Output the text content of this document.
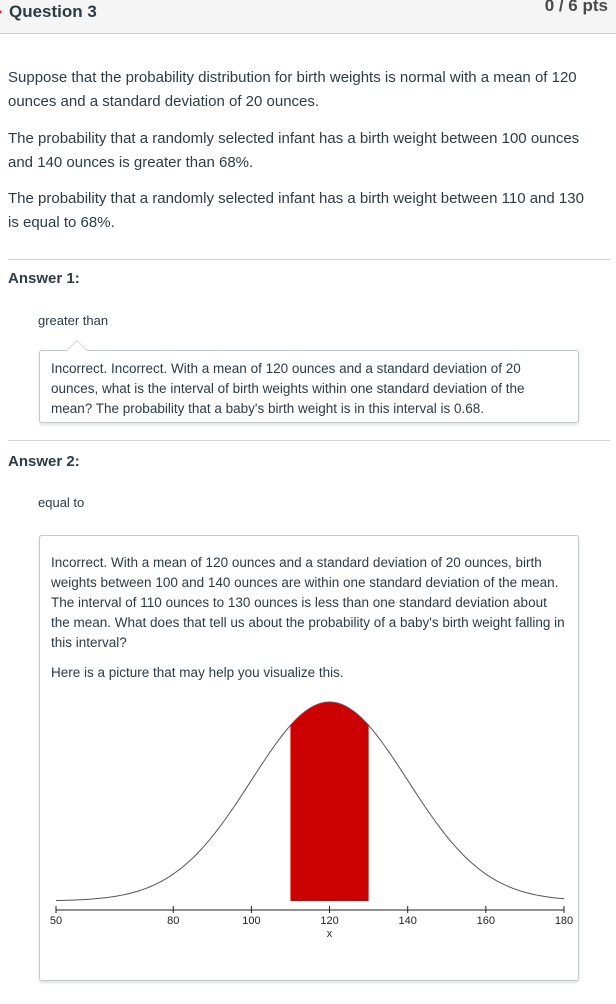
Question 3	0 / 6 pts

Suppose that the probability distribution for birth weights is normal with a mean of 120 ounces and a standard deviation of 20 ounces.

The probability that a randomly selected infant has a birth weight between 100 ounces and 140 ounces is greater than 68%.

The probability that a randomly selected infant has a birth weight between 110 and 130 is equal to 68%.

Answer 1:
greater than

Incorrect. Incorrect. With a mean of 120 ounces and a standard deviation of 20 ounces, what is the interval of birth weights within one standard deviation of the mean? The probability that a baby's birth weight is in this interval is 0.68.

Answer 2:
equal to

Incorrect. With a mean of 120 ounces and a standard deviation of 20 ounces, birth weights between 100 and 140 ounces are within one standard deviation of the mean. The interval of 110 ounces to 130 ounces is less than one standard deviation about the mean. What does that tell us about the probability of a baby's birth weight falling in this interval?

Here is a picture that may help you visualize this.

50	80	100	120	140	160	180
x
